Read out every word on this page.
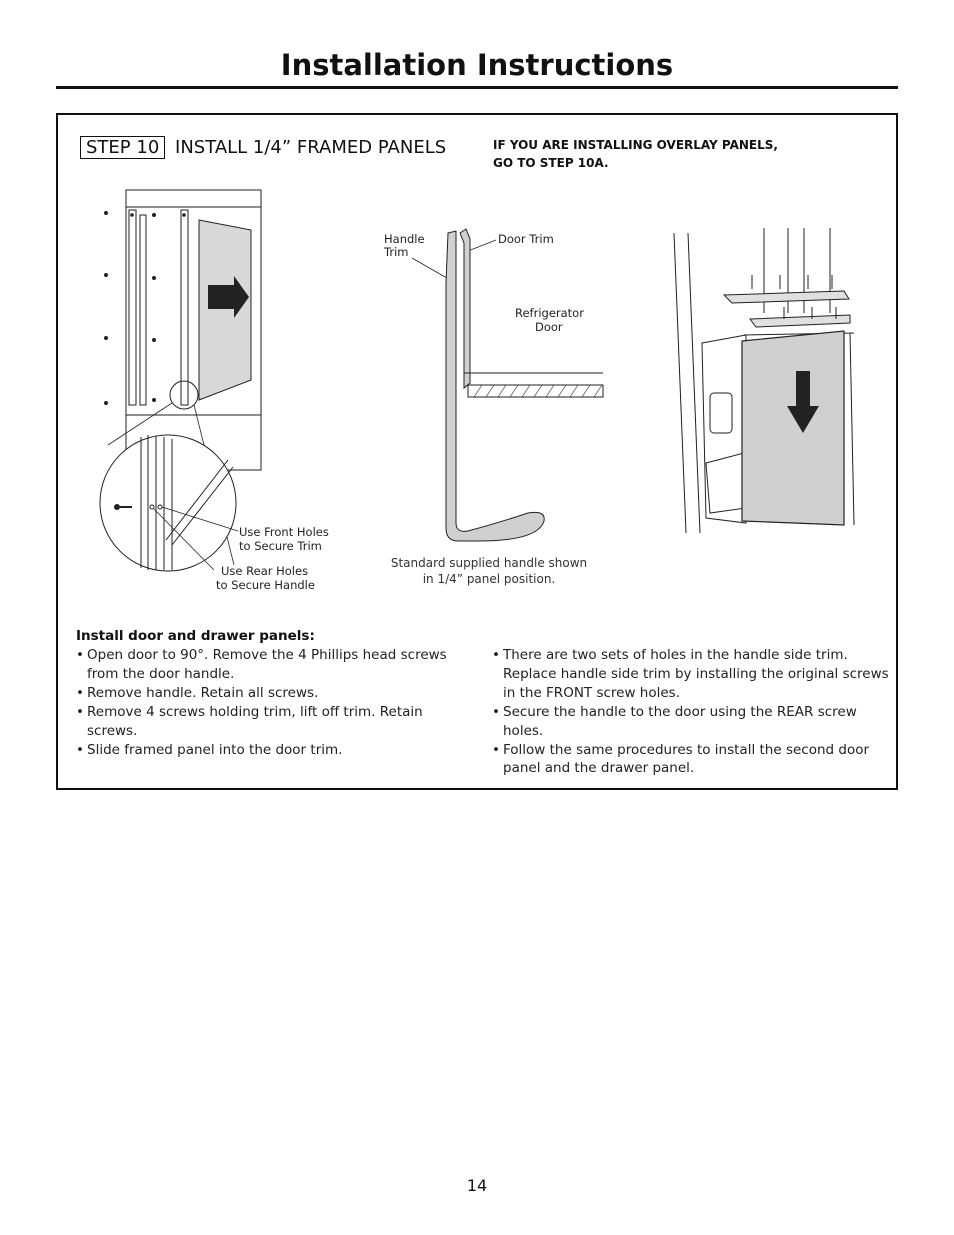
Installation Instructions
STEP 10 INSTALL 1/4” FRAMED PANELS	IF YOU ARE INSTALLING OVERLAY PANELS,
GO TO STEP 10A.
Use Front Holes
to Secure Trim
Use Rear Holes
to Secure Handle
Handle
Trim
Door Trim
Refrigerator
Door
Standard supplied handle shown
in 1/4” panel position.
Install door and drawer panels:
• Open door to 90°. Remove the 4 Phillips head screws from the door handle.
• Remove handle. Retain all screws.
• Remove 4 screws holding trim, lift off trim. Retain screws.
• Slide framed panel into the door trim.
• There are two sets of holes in the handle side trim. Replace handle side trim by installing the original screws in the FRONT screw holes.
• Secure the handle to the door using the REAR screw holes.
• Follow the same procedures to install the second door panel and the drawer panel.
14
